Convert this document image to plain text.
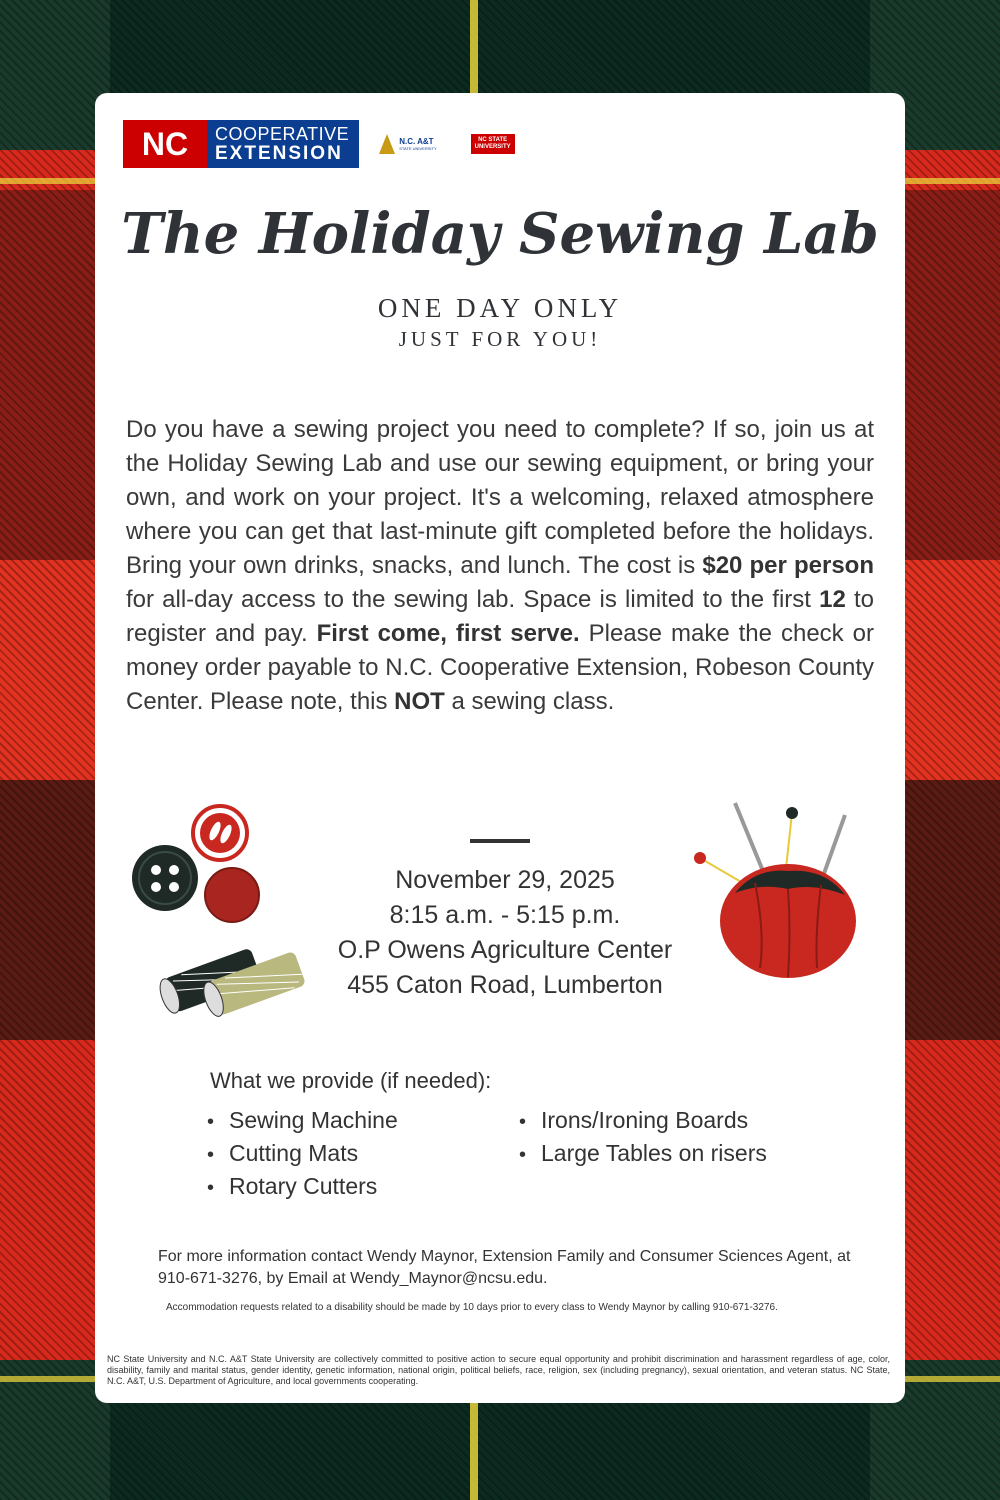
NC	COOPERATIVE
EXTENSION
N.C. A&T
STATE UNIVERSITY
NC STATE
UNIVERSITY
The Holiday Sewing Lab
ONE DAY ONLY
JUST FOR YOU!

Do you have a sewing project you need to complete? If so, join us at the Holiday Sewing Lab and use our sewing equipment, or bring your own, and work on your project. It's a welcoming, relaxed atmosphere where you can get that last-minute gift completed before the holidays. Bring your own drinks, snacks, and lunch. The cost is $20 per person for all-day access to the sewing lab. Space is limited to the first 12 to register and pay. First come, first serve. Please make the check or money order payable to N.C. Cooperative Extension, Robeson County Center. Please note, this NOT a sewing class.

November 29, 2025
8:15 a.m. - 5:15 p.m.
O.P Owens Agriculture Center
455 Caton Road, Lumberton
What we provide (if needed):
• Sewing Machine
• Cutting Mats
• Rotary Cutters
• Irons/Ironing Boards
• Large Tables on risers
For more information contact Wendy Maynor, Extension Family and Consumer Sciences Agent, at 910-671-3276, by Email at Wendy_Maynor@ncsu.edu.
Accommodation requests related to a disability should be made by 10 days prior to every class to Wendy Maynor by calling 910-671-3276.
NC State University and N.C. A&T State University are collectively committed to positive action to secure equal opportunity and prohibit discrimination and harassment regardless of age, color, disability, family and marital status, gender identity, genetic information, national origin, political beliefs, race, religion, sex (including pregnancy), sexual orientation, and veteran status. NC State, N.C. A&T, U.S. Department of Agriculture, and local governments cooperating.
